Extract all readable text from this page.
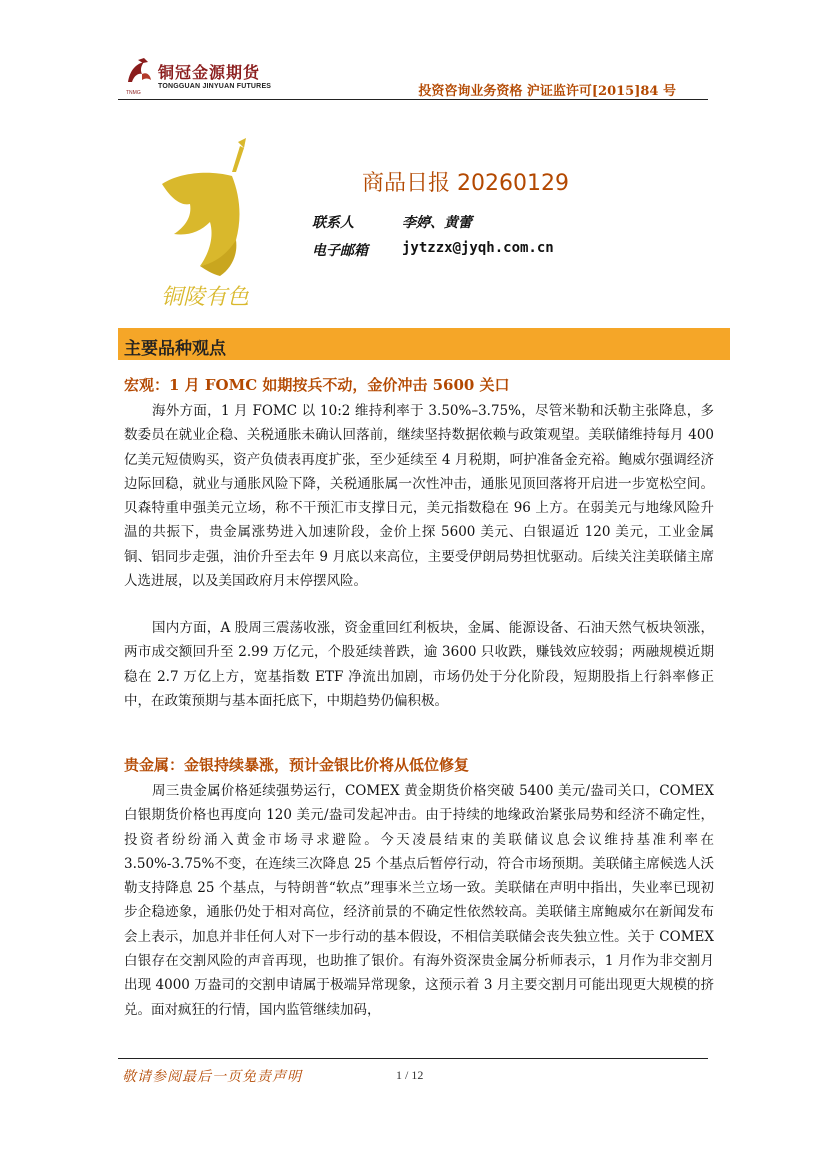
TNMG
铜冠金源期货
TONGGUAN JINYUAN FUTURES	投资咨询业务资格 沪证监许可[2015]84 号
铜陵有色
商品日报 20260129
联系人	李婷、黄蕾
电子邮箱 jytzzx@jyqh.com.cn
主要品种观点
宏观：1 月 FOMC 如期按兵不动，金价冲击 5600 关口
海外方面，1 月 FOMC 以 10:2 维持利率于 3.50%–3.75%，尽管米勒和沃勒主张降息，多数委员在就业企稳、关税通胀未确认回落前，继续坚持数据依赖与政策观望。美联储维持每月 400 亿美元短债购买，资产负债表再度扩张，至少延续至 4 月税期，呵护准备金充裕。鲍威尔强调经济边际回稳，就业与通胀风险下降，关税通胀属一次性冲击，通胀见顶回落将开启进一步宽松空间。贝森特重申强美元立场，称不干预汇市支撑日元，美元指数稳在 96 上方。在弱美元与地缘风险升温的共振下，贵金属涨势进入加速阶段，金价上探 5600 美元、白银逼近 120 美元，工业金属铜、铝同步走强，油价升至去年 9 月底以来高位，主要受伊朗局势担忧驱动。后续关注美联储主席人选进展，以及美国政府月末停摆风险。
国内方面，A 股周三震荡收涨，资金重回红利板块，金属、能源设备、石油天然气板块领涨，两市成交额回升至 2.99 万亿元，个股延续普跌，逾 3600 只收跌，赚钱效应较弱；两融规模近期稳在 2.7 万亿上方，宽基指数 ETF 净流出加剧，市场仍处于分化阶段，短期股指上行斜率修正中，在政策预期与基本面托底下，中期趋势仍偏积极。
贵金属：金银持续暴涨，预计金银比价将从低位修复
周三贵金属价格延续强势运行，COMEX 黄金期货价格突破 5400 美元/盎司关口，COMEX 白银期货价格也再度向 120 美元/盎司发起冲击。由于持续的地缘政治紧张局势和经济不确定性，投资者纷纷涌入黄金市场寻求避险。今天凌晨结束的美联储议息会议维持基准利率在 3.50%-3.75%不变，在连续三次降息 25 个基点后暂停行动，符合市场预期。美联储主席候选人沃勒支持降息 25 个基点，与特朗普“软点”理事米兰立场一致。美联储在声明中指出，失业率已现初步企稳迹象，通胀仍处于相对高位，经济前景的不确定性依然较高。美联储主席鲍威尔在新闻发布会上表示，加息并非任何人对下一步行动的基本假设，不相信美联储会丧失独立性。关于 COMEX 白银存在交割风险的声音再现，也助推了银价。有海外资深贵金属分析师表示，1 月作为非交割月出现 4000 万盎司的交割申请属于极端异常现象，这预示着 3 月主要交割月可能出现更大规模的挤兑。面对疯狂的行情，国内监管继续加码，
敬请参阅最后一页免责声明	1 / 12
